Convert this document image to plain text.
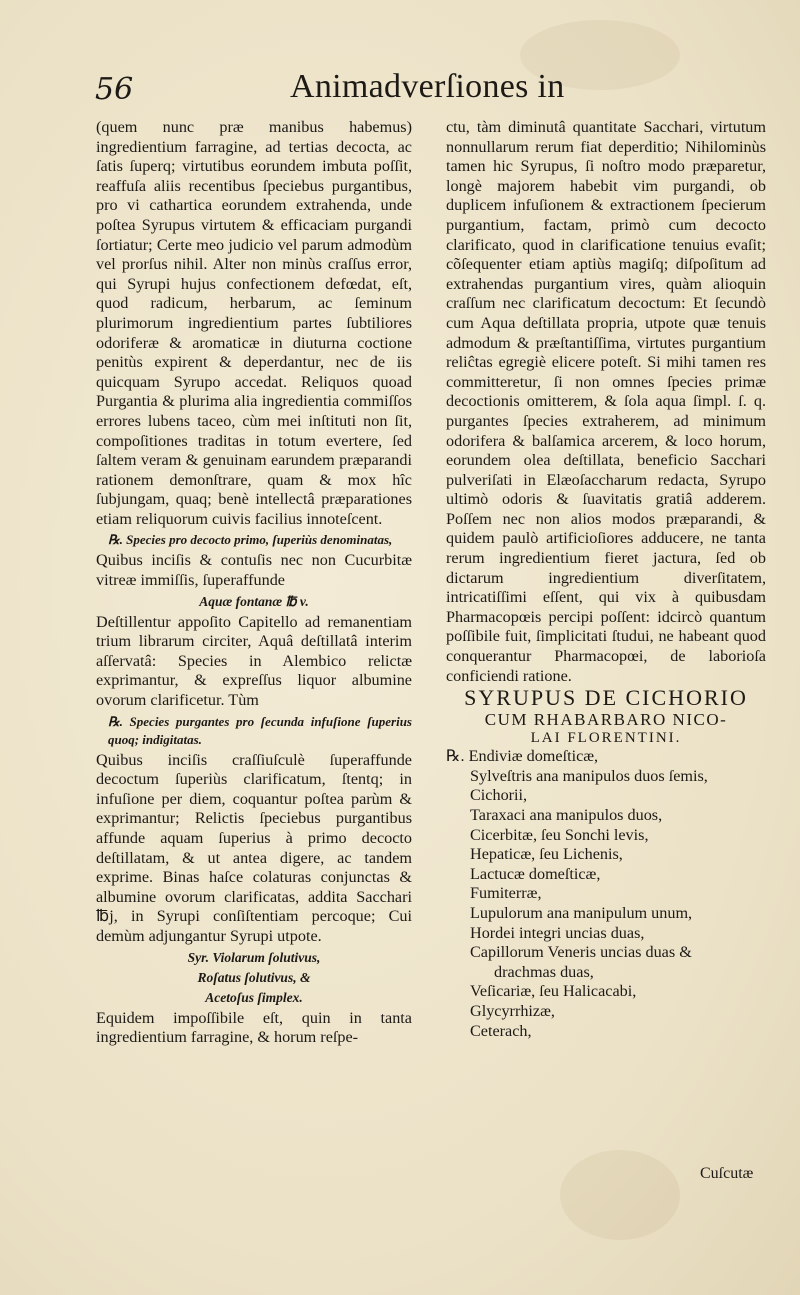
56	Animadverſiones in

(quem nunc præ manibus habemus) ingredientium farragine, ad tertias decocta, ac ſatis ſuperq; virtutibus eorundem imbuta poſſit, reaffuſa aliis recentibus ſpeciebus purgantibus, pro vi cathartica eorundem extrahenda, unde poſtea Syrupus virtutem & efficaciam purgandi ſortiatur; Certe meo judicio vel parum admodùm vel prorſus nihil. Alter non minùs craſſus error, qui Syrupi hujus confectionem defœdat, eſt, quod radicum, herbarum, ac ſeminum plurimorum ingredientium partes ſubtiliores odoriferæ & aromaticæ in diuturna coctione penitùs expirent & deperdantur, nec de iis quicquam Syrupo accedat. Reliquos quoad Purgantia & plurima alia ingredientia commiſſos errores lubens taceo, cùm mei inſtituti non ſit, compoſitiones traditas in totum evertere, ſed ſaltem veram & genuinam earundem præparandi rationem demonſtrare, quam & mox hîc ſubjungam, quaq; benè intellectâ præparationes etiam reliquorum cuivis facilius innoteſcent.

℞. Species pro decocto primo, ſuperiùs denominatas,

Quibus inciſis & contuſis nec non Cucurbitæ vitreæ immiſſis, ſuperaffunde

Aquæ fontanæ ℔ v.

Deſtillentur appoſito Capitello ad remanentiam trium librarum circiter, Aquâ deſtillatâ interim aſſervatâ: Species in Alembico relictæ exprimantur, & expreſſus liquor albumine ovorum clarificetur. Tùm

℞. Species purgantes pro ſecunda infuſione ſuperius quoq; indigitatas.

Quibus inciſis craſſiuſculè ſuperaffunde decoctum ſuperiùs clarificatum, ſtentq; in infuſione per diem, coquantur poſtea parùm & exprimantur; Relictis ſpeciebus purgantibus affunde aquam ſuperius à primo decocto deſtillatam, & ut antea digere, ac tandem exprime. Binas haſce colaturas conjunctas & albumine ovorum clarificatas, addita Sacchari ℔j, in Syrupi conſiſtentiam percoque; Cui demùm adjungantur Syrupi utpote.

Syr. Violarum ſolutivus,

Roſatus ſolutivus, &

Acetoſus ſimplex.

Equidem impoſſibile eſt, quin in tanta ingredientium farragine, & horum reſpe-

ctu, tàm diminutâ quantitate Sacchari, virtutum nonnullarum rerum fiat deperditio; Nihilominùs tamen hic Syrupus, ſi noſtro modo præparetur, longè majorem habebit vim purgandi, ob duplicem infuſionem & extractionem ſpecierum purgantium, factam, primò cum decocto clarificato, quod in clarificatione tenuius evaſit; cõſequenter etiam aptiùs magiſq; diſpoſitum ad extrahendas purgantium vires, quàm alioquin craſſum nec clarificatum decoctum: Et ſecundò cum Aqua deſtillata propria, utpote quæ tenuis admodum & præſtantiſſima, virtutes purgantium reliĉtas egregiè elicere poteſt. Si mihi tamen res committeretur, ſi non omnes ſpecies primæ decoctionis omitterem, & ſola aqua ſimpl. ſ. q. purgantes ſpecies extraherem, ad minimum odorifera & balſamica arcerem, & loco horum, eorundem olea deſtillata, beneficio Sacchari pulveriſati in Elæoſaccharum redacta, Syrupo ultimò odoris & ſuavitatis gratiâ adderem. Poſſem nec non alios modos præparandi, & quidem paulò artificioſiores adducere, ne tanta rerum ingredientium fieret jactura, ſed ob dictarum ingredientium diverſitatem, intricatiſſimi eſſent, qui vix à quibusdam Pharmacopœis percipi poſſent: idcircò quantum poſſibile fuit, ſimplicitati ſtudui, ne habeant quod conquerantur Pharmacopœi, de laborioſa conficiendi ratione.

SYRUPUS DE CICHORIO

CUM RHABARBARO NICO-

LAI FLORENTINI.

℞. Endiviæ domeſticæ,
Sylveſtris ana manipulos duos ſemis,
Cichorii,
Taraxaci ana manipulos duos,
Cicerbitæ, ſeu Sonchi levis,
Hepaticæ, ſeu Lichenis,
Lactucæ domeſticæ,
Fumiterræ,
Lupulorum ana manipulum unum,
Hordei integri uncias duas,
Capillorum Veneris uncias duas &
drachmas duas,
Veſicariæ, ſeu Halicacabi,
Glycyrrhizæ,
Ceterach,
Cuſcutæ
